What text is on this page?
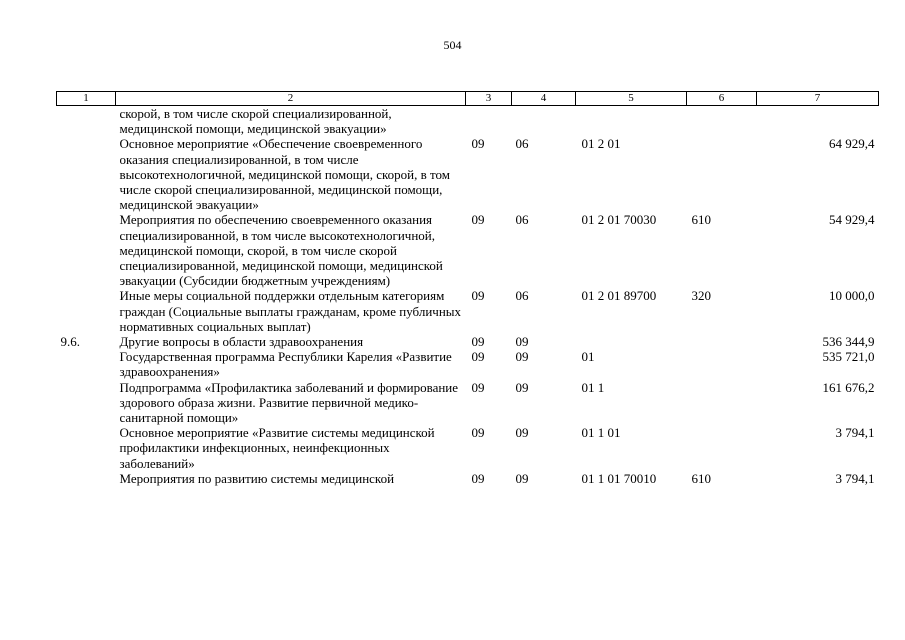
504
1	2	3	4	5	6	7
	скорой, в том числе скорой специализированной, медицинской помощи, медицинской эвакуации»					
	Основное мероприятие «Обеспечение своевременного оказания специализированной, в том числе высокотехнологичной, медицинской помощи, скорой, в том числе скорой специализированной, медицинской помощи, медицинской эвакуации»	09	06	01 2 01		64 929,4
	Мероприятия по обеспечению своевременного оказания специализированной, в том числе высокотехнологичной, медицинской помощи, скорой, в том числе скорой специализированной, медицинской помощи, медицинской эвакуации (Субсидии бюджетным учреждениям)	09	06	01 2 01 70030	610	54 929,4
	Иные меры социальной поддержки отдельным категориям граждан (Социальные выплаты гражданам, кроме публичных нормативных социальных выплат)	09	06	01 2 01 89700	320	10 000,0
9.6.	Другие вопросы в области здравоохранения	09	09			536 344,9
	Государственная программа Республики Карелия «Развитие здравоохранения»	09	09	01		535 721,0
	Подпрограмма «Профилактика заболеваний и формирование здорового образа жизни. Развитие первичной медико-санитарной помощи»	09	09	01 1		161 676,2
	Основное мероприятие «Развитие системы медицинской профилактики инфекционных, неинфекционных заболеваний»	09	09	01 1 01		3 794,1
	Мероприятия по развитию системы медицинской	09	09	01 1 01 70010	610	3 794,1
